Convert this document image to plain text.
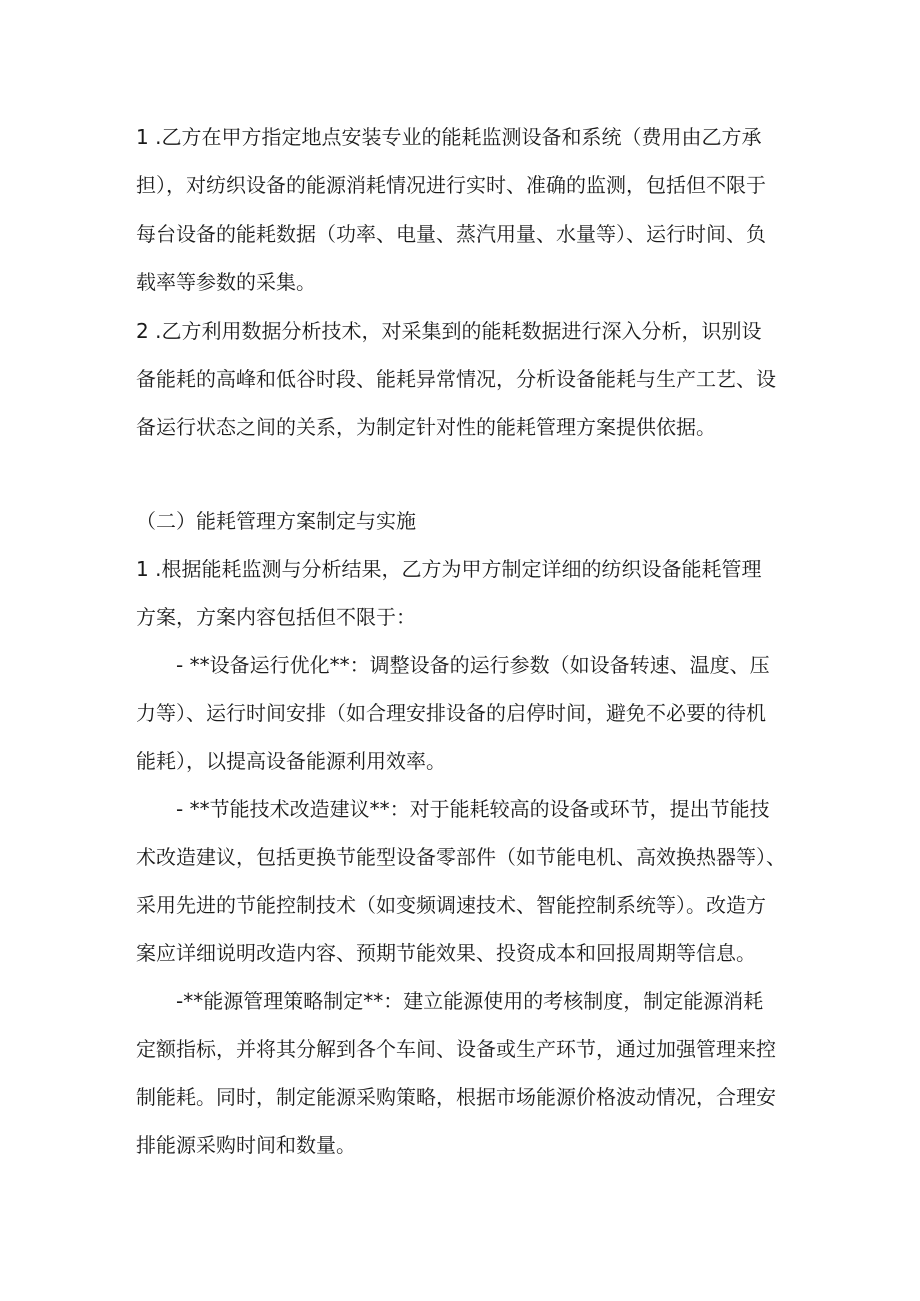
1 .乙方在甲方指定地点安装专业的能耗监测设备和系统（费用由乙方承

担），对纺织设备的能源消耗情况进行实时、准确的监测，包括但不限于

每台设备的能耗数据（功率、电量、蒸汽用量、水量等）、运行时间、负

载率等参数的采集。

2 .乙方利用数据分析技术，对采集到的能耗数据进行深入分析，识别设

备能耗的高峰和低谷时段、能耗异常情况，分析设备能耗与生产工艺、设

备运行状态之间的关系，为制定针对性的能耗管理方案提供依据。

（二）能耗管理方案制定与实施

1 .根据能耗监测与分析结果，乙方为甲方制定详细的纺织设备能耗管理

方案，方案内容包括但不限于：

- **设备运行优化**：调整设备的运行参数（如设备转速、温度、压

力等）、运行时间安排（如合理安排设备的启停时间，避免不必要的待机

能耗），以提高设备能源利用效率。

- **节能技术改造建议**：对于能耗较高的设备或环节，提出节能技

术改造建议，包括更换节能型设备零部件（如节能电机、高效换热器等）、

采用先进的节能控制技术（如变频调速技术、智能控制系统等）。改造方

案应详细说明改造内容、预期节能效果、投资成本和回报周期等信息。

-**能源管理策略制定**：建立能源使用的考核制度，制定能源消耗

定额指标，并将其分解到各个车间、设备或生产环节，通过加强管理来控

制能耗。同时，制定能源采购策略，根据市场能源价格波动情况，合理安

排能源采购时间和数量。
